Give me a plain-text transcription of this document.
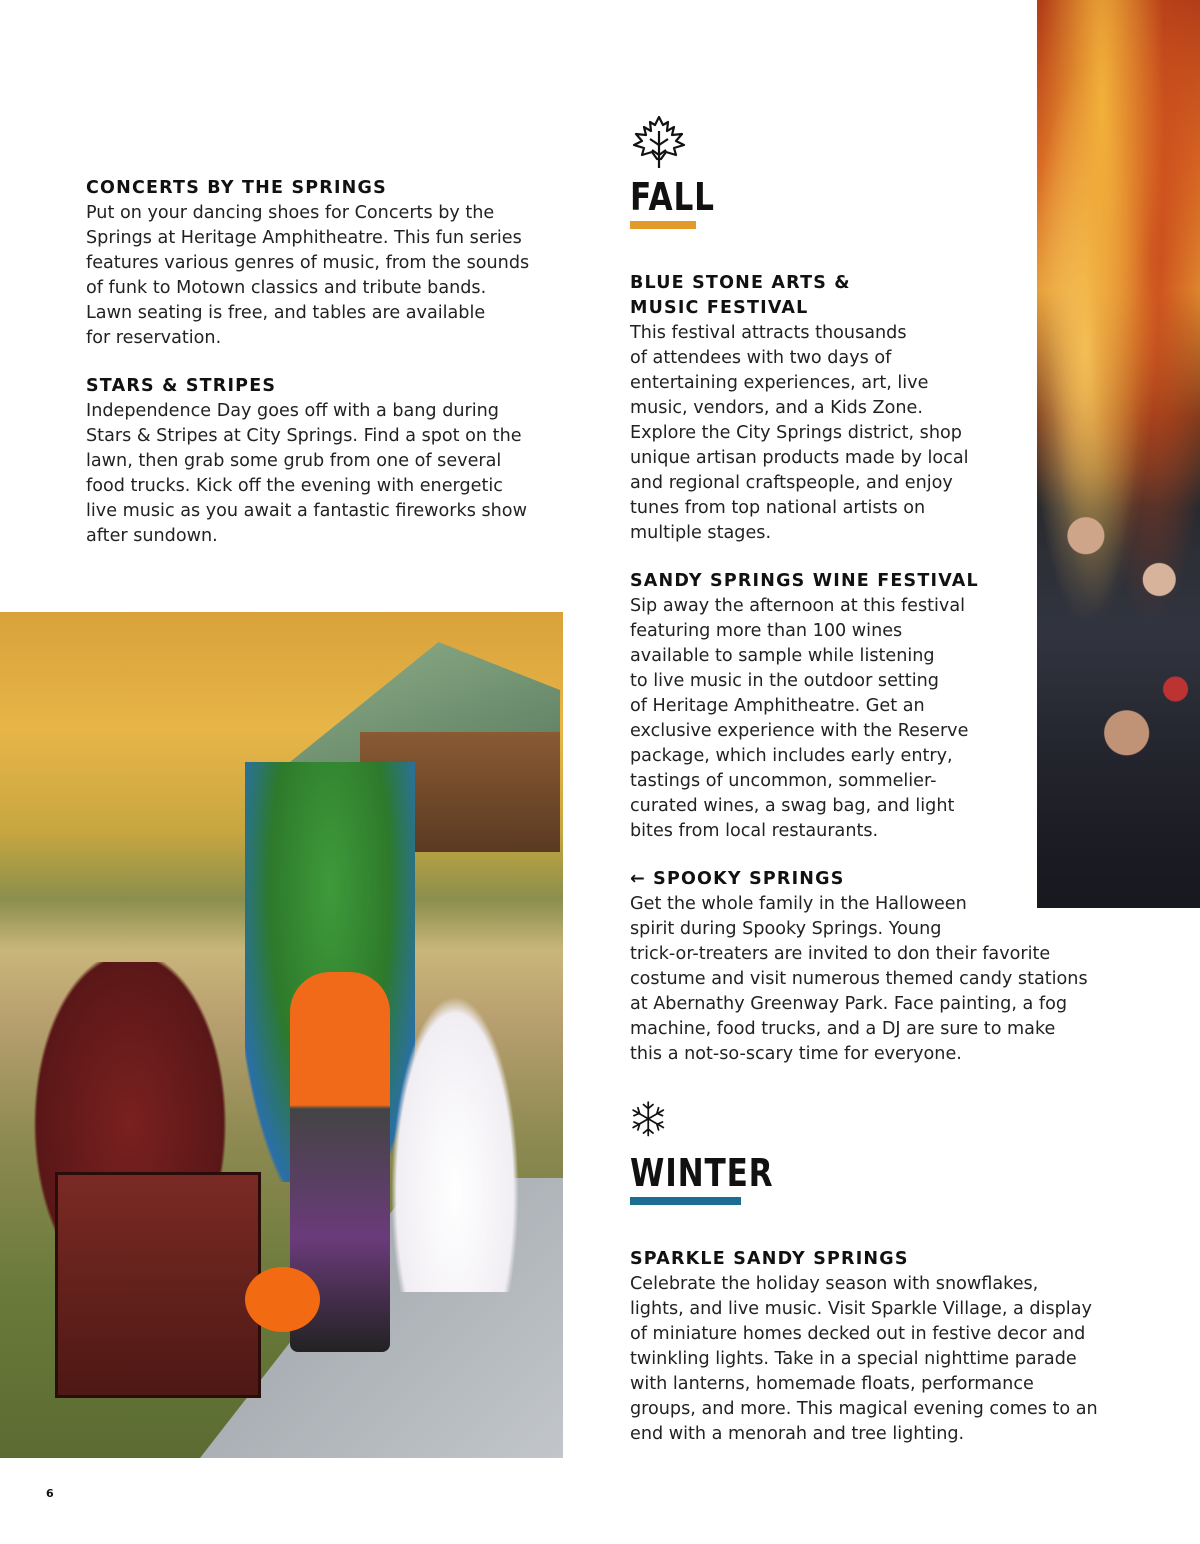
CONCERTS BY THE SPRINGS

Put on your dancing shoes for Concerts by the
Springs at Heritage Amphitheatre. This fun series
features various genres of music, from the sounds
of funk to Motown classics and tribute bands.
Lawn seating is free, and tables are available
for reservation.

STARS & STRIPES

Independence Day goes off with a bang during
Stars & Stripes at City Springs. Find a spot on the
lawn, then grab some grub from one of several
food trucks. Kick off the evening with energetic
live music as you await a fantastic fireworks show
after sundown.

FALL
BLUE STONE ARTS &
MUSIC FESTIVAL

This festival attracts thousands
of attendees with two days of
entertaining experiences, art, live
music, vendors, and a Kids Zone.
Explore the City Springs district, shop
unique artisan products made by local
and regional craftspeople, and enjoy
tunes from top national artists on
multiple stages.

SANDY SPRINGS WINE FESTIVAL

Sip away the afternoon at this festival
featuring more than 100 wines
available to sample while listening
to live music in the outdoor setting
of Heritage Amphitheatre. Get an
exclusive experience with the Reserve
package, which includes early entry,
tastings of uncommon, sommelier-
curated wines, a swag bag, and light
bites from local restaurants.

← SPOOKY SPRINGS

Get the whole family in the Halloween
spirit during Spooky Springs. Young
trick-or-treaters are invited to don their favorite
costume and visit numerous themed candy stations
at Abernathy Greenway Park. Face painting, a fog
machine, food trucks, and a DJ are sure to make
this a not-so-scary time for everyone.

WINTER
SPARKLE SANDY SPRINGS

Celebrate the holiday season with snowflakes,
lights, and live music. Visit Sparkle Village, a display
of miniature homes decked out in festive decor and
twinkling lights. Take in a special nighttime parade
with lanterns, homemade floats, performance
groups, and more. This magical evening comes to an
end with a menorah and tree lighting.

6
